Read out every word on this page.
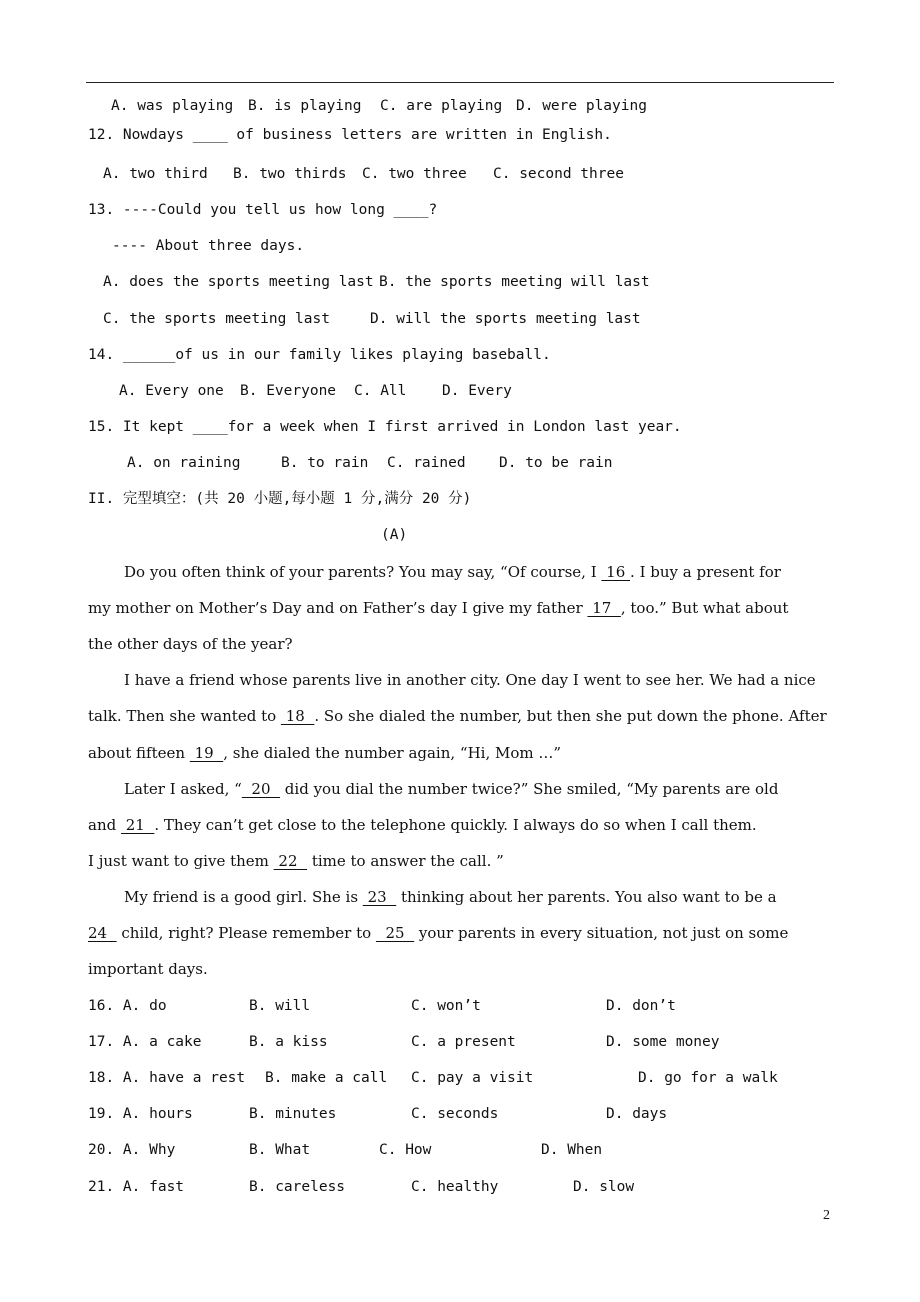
A. was playing B. is playing C. are playing D. were playing
12. Nowdays ____ of business letters are written in English.
A. two third B. two thirds C. two three C. second three
13. ----Could you tell us how long ____?
---- About three days.
A. does the sports meeting last B. the sports meeting will last
C. the sports meeting last	D. will the sports meeting last
14. ______of us in our family likes playing baseball.
A. Every one B. Everyone C. All D. Every
15. It kept ____for a week when I first arrived in London last year.
A. on raining	B. to rain C. rained D. to be rain
II. 完型填空：(共 20 小题,每小题 1 分,满分 20 分)
(A)
Do you often think of your parents? You may say, “Of course, I  16 . I buy a present for
my mother on Mother’s Day and on Father’s day I give my father  17  , too.” But what about
the other days of the year?
I have a friend whose parents live in another city. One day I went to see her. We had a nice
talk. Then she wanted to  18  . So she dialed the number, but then she put down the phone. After
about fifteen  19  , she dialed the number again, “Hi, Mom …”
Later I asked, “  20   did you dial the number twice?” She smiled, “My parents are old
and  21  . They can’t get close to the telephone quickly. I always do so when I call them.
I just want to give them  22   time to answer the call. ”
My friend is a good girl. She is  23   thinking about her parents. You also want to be a
24   child, right? Please remember to   25   your parents in every situation, not just on some
important days.
16. A. do	B. will	C. won’t	D. don’t
17. A. a cake	B. a kiss	C. a present	D. some money
18. A. have a rest B. make a call C. pay a visit	D. go for a walk
19. A. hours	B. minutes	C. seconds	D. days
20. A. Why	B. What	C. How	D. When
21. A. fast	B. careless	C. healthy	D. slow
2
